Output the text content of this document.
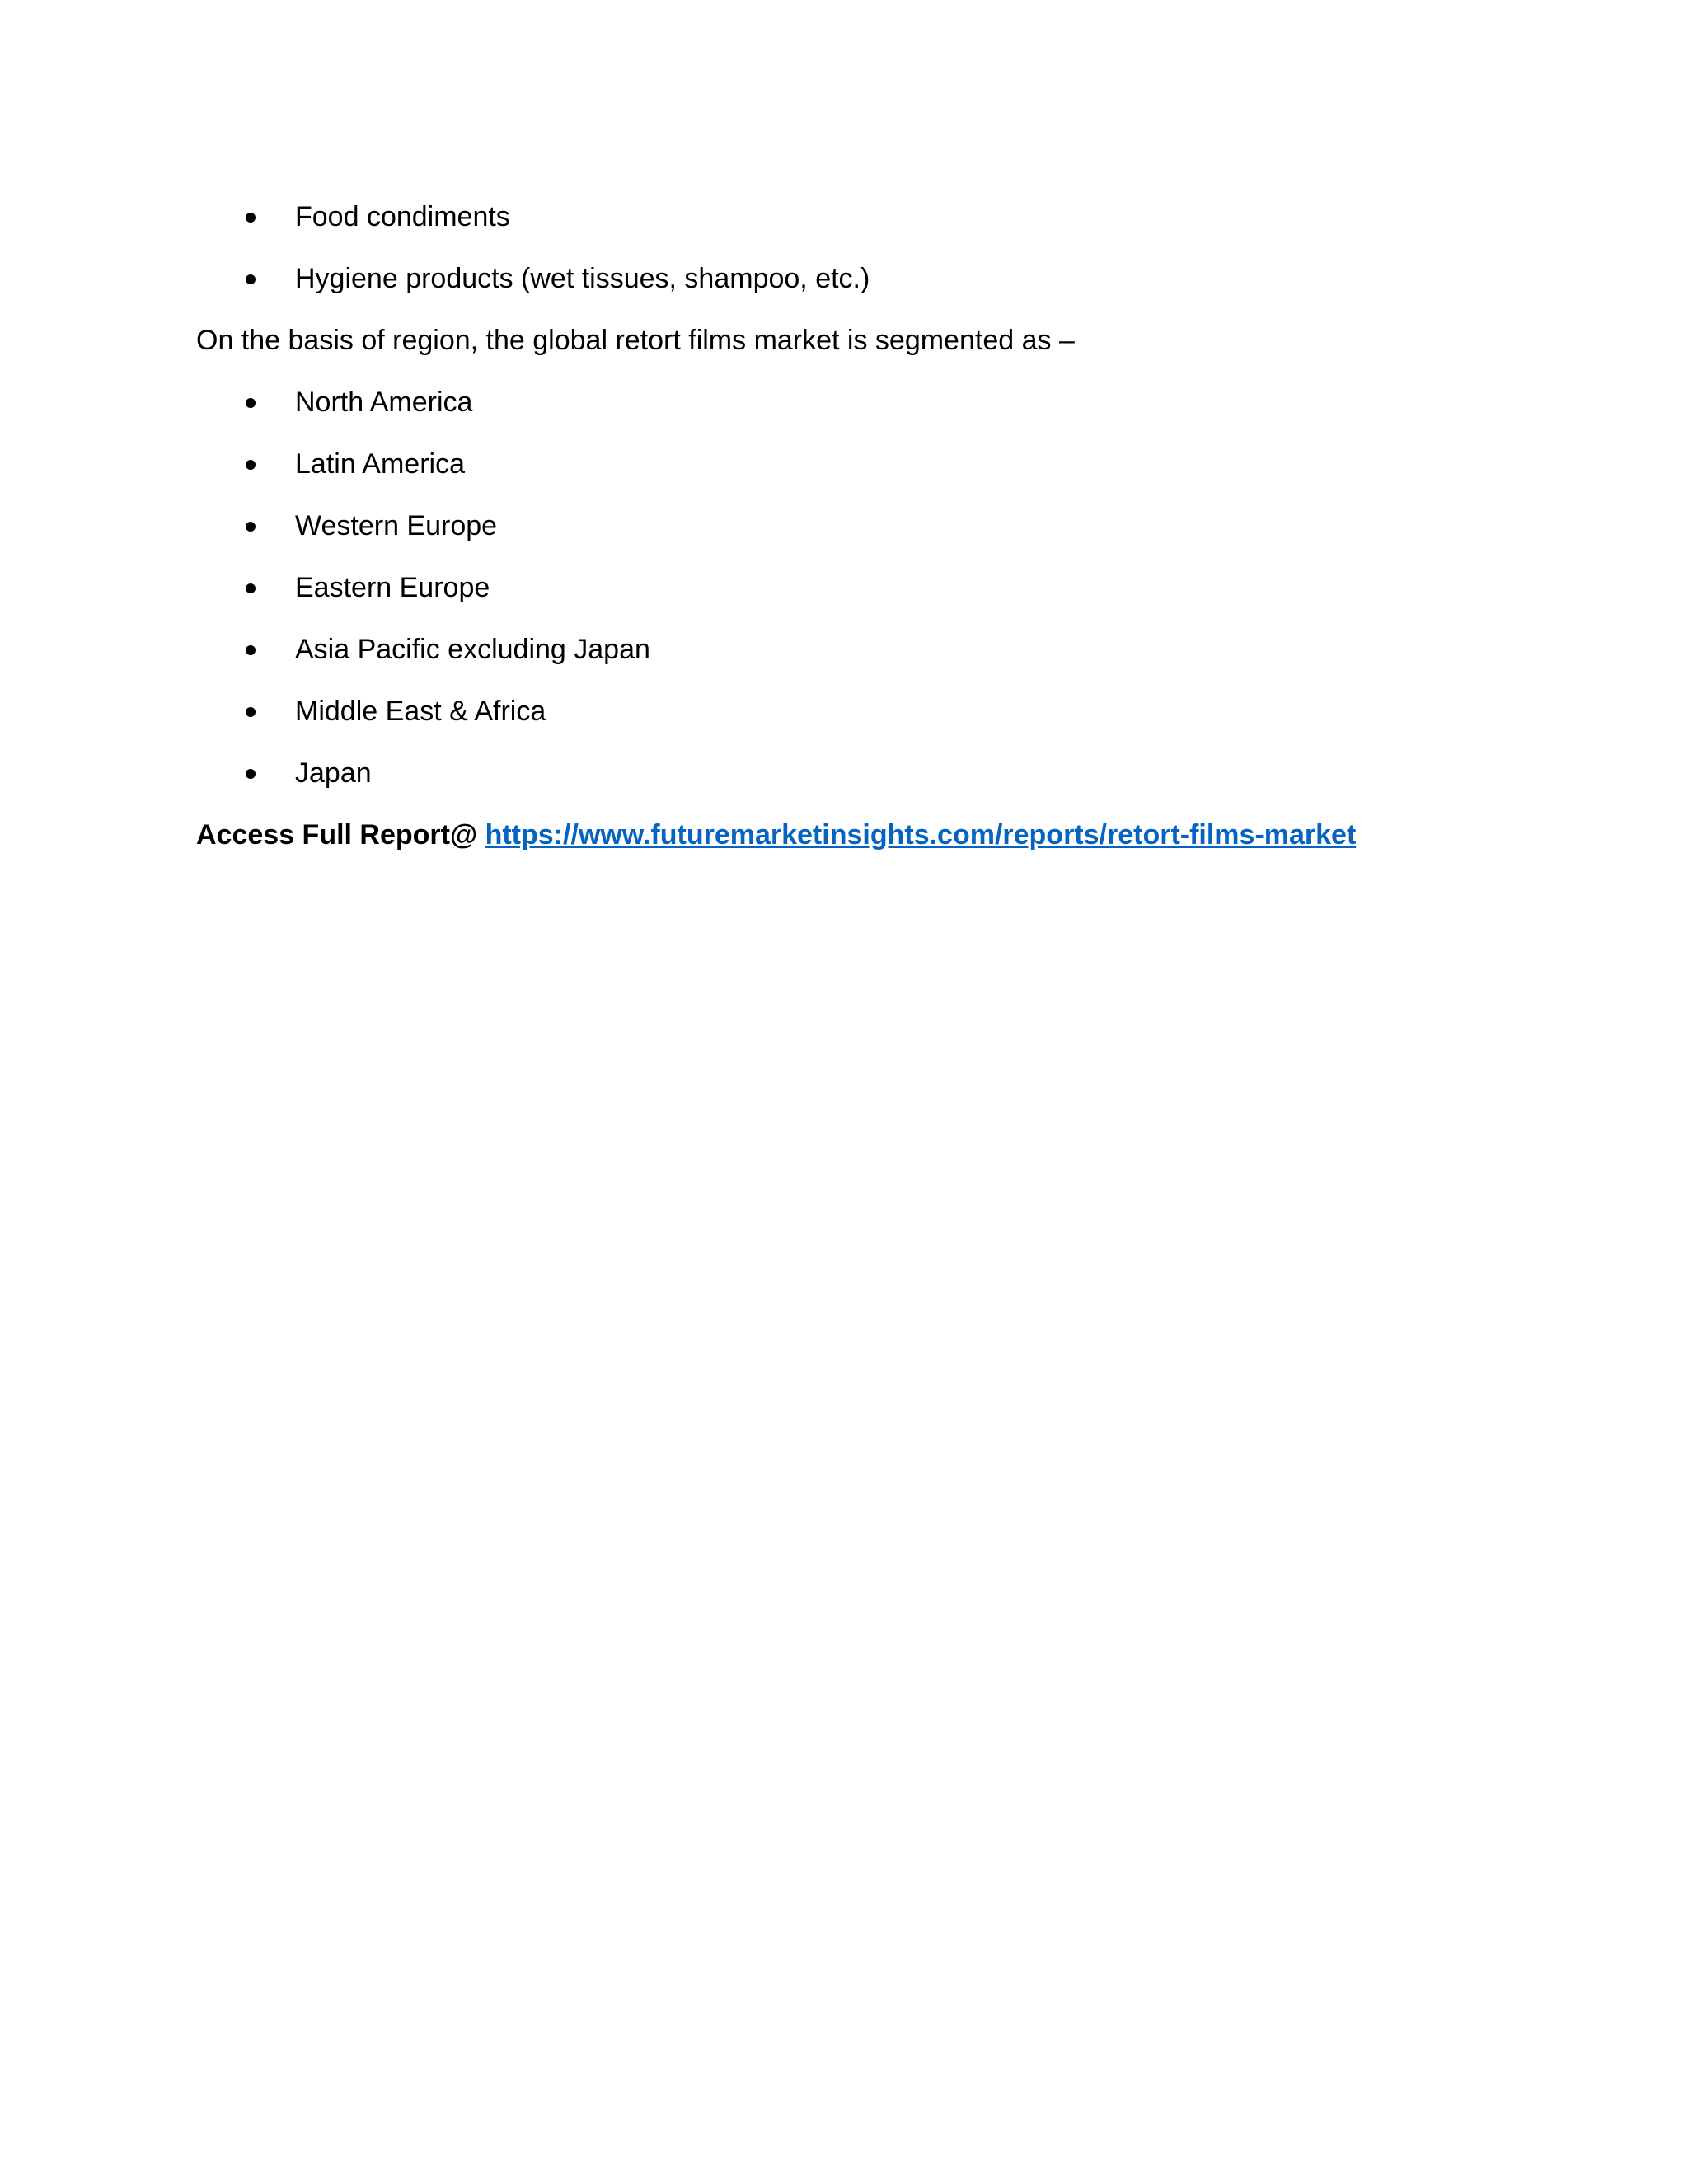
Food condiments
Hygiene products (wet tissues, shampoo, etc.)
On the basis of region, the global retort films market is segmented as –
North America
Latin America
Western Europe
Eastern Europe
Asia Pacific excluding Japan
Middle East & Africa
Japan
Access Full Report@ https://www.futuremarketinsights.com/reports/retort-films-market
